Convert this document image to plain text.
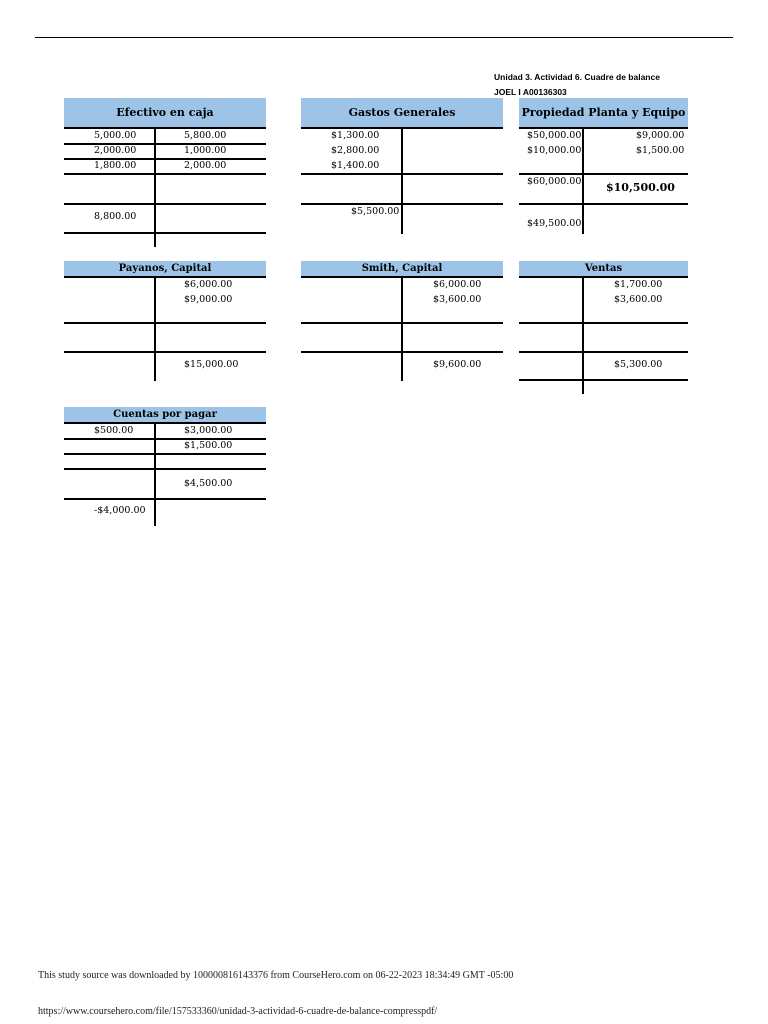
Unidad 3. Actividad 6. Cuadre de balance
JOEL I A00136303
Efectivo en caja
5,000.00
2,000.00
1,800.00
5,800.00
1,000.00
2,000.00
8,800.00
Gastos Generales
$1,300.00
$2,800.00
$1,400.00
$5,500.00
Propiedad Planta y Equipo
$50,000.00
$10,000.00
$9,000.00
$1,500.00
$60,000.00 $10,500.00
$49,500.00
Payanos, Capital
$6,000.00
$9,000.00
$15,000.00
Smith, Capital
$6,000.00
$3,600.00
$9,600.00
Ventas
$1,700.00
$3,600.00
$5,300.00
Cuentas por pagar
$500.00	$3,000.00
$1,500.00
$4,500.00
-$4,000.00
This study source was downloaded by 100000816143376 from CourseHero.com on 06-22-2023 18:34:49 GMT -05:00
https://www.coursehero.com/file/157533360/unidad-3-actividad-6-cuadre-de-balance-compresspdf/
